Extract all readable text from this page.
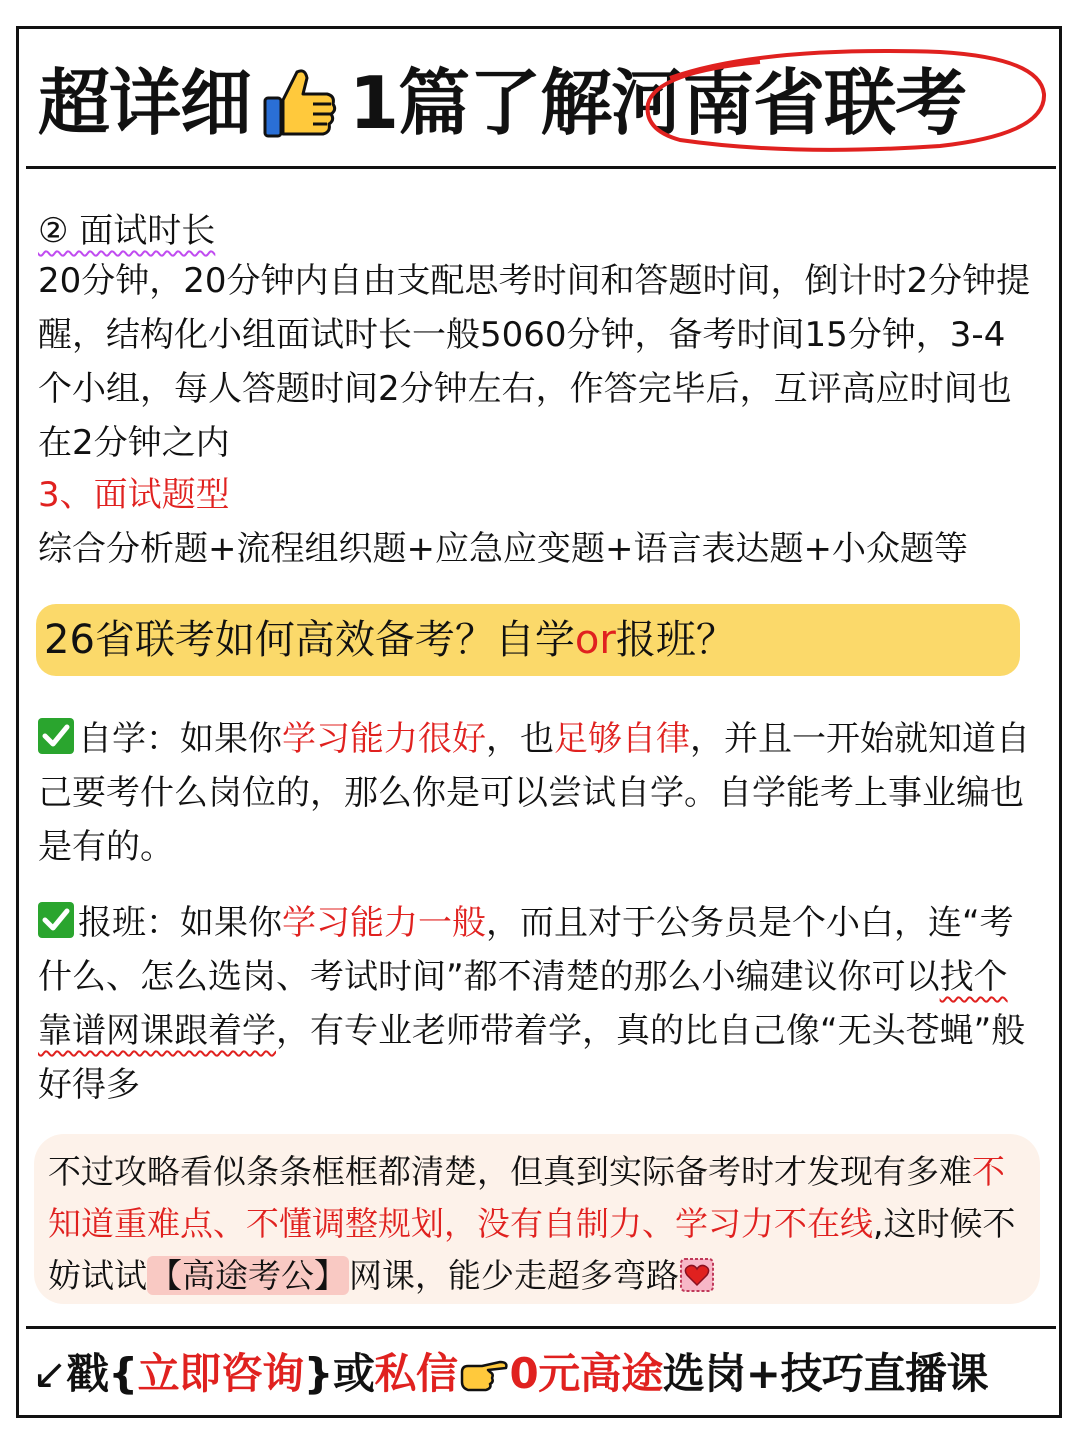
超详细 1篇了解河南省联考
② 面试时长
20分钟，20分钟内自由支配思考时间和答题时间，倒计时2分钟提醒，结构化小组面试时长一般5060分钟，备考时间15分钟，3-4个小组，每人答题时间2分钟左右，作答完毕后，互评高应时间也在2分钟之内
3、面试题型
综合分析题+流程组织题+应急应变题+语言表达题+小众题等
26省联考如何高效备考？自学or报班？
自学：如果你学习能力很好，也足够自律，并且一开始就知道自己要考什么岗位的，那么你是可以尝试自学。自学能考上事业编也是有的。
报班：如果你学习能力一般，而且对于公务员是个小白，连“考什么、怎么选岗、考试时间”都不清楚的那么小编建议你可以找个靠谱网课跟着学，有专业老师带着学，真的比自己像“无头苍蝇”般好得多
不过攻略看似条条框框都清楚，但真到实际备考时才发现有多难不知道重难点、不懂调整规划，没有自制力、学习力不在线,这时候不妨试试【高途考公】网课，能少走超多弯路
↙戳{立即咨询}或私信 0元高途选岗+技巧直播课
